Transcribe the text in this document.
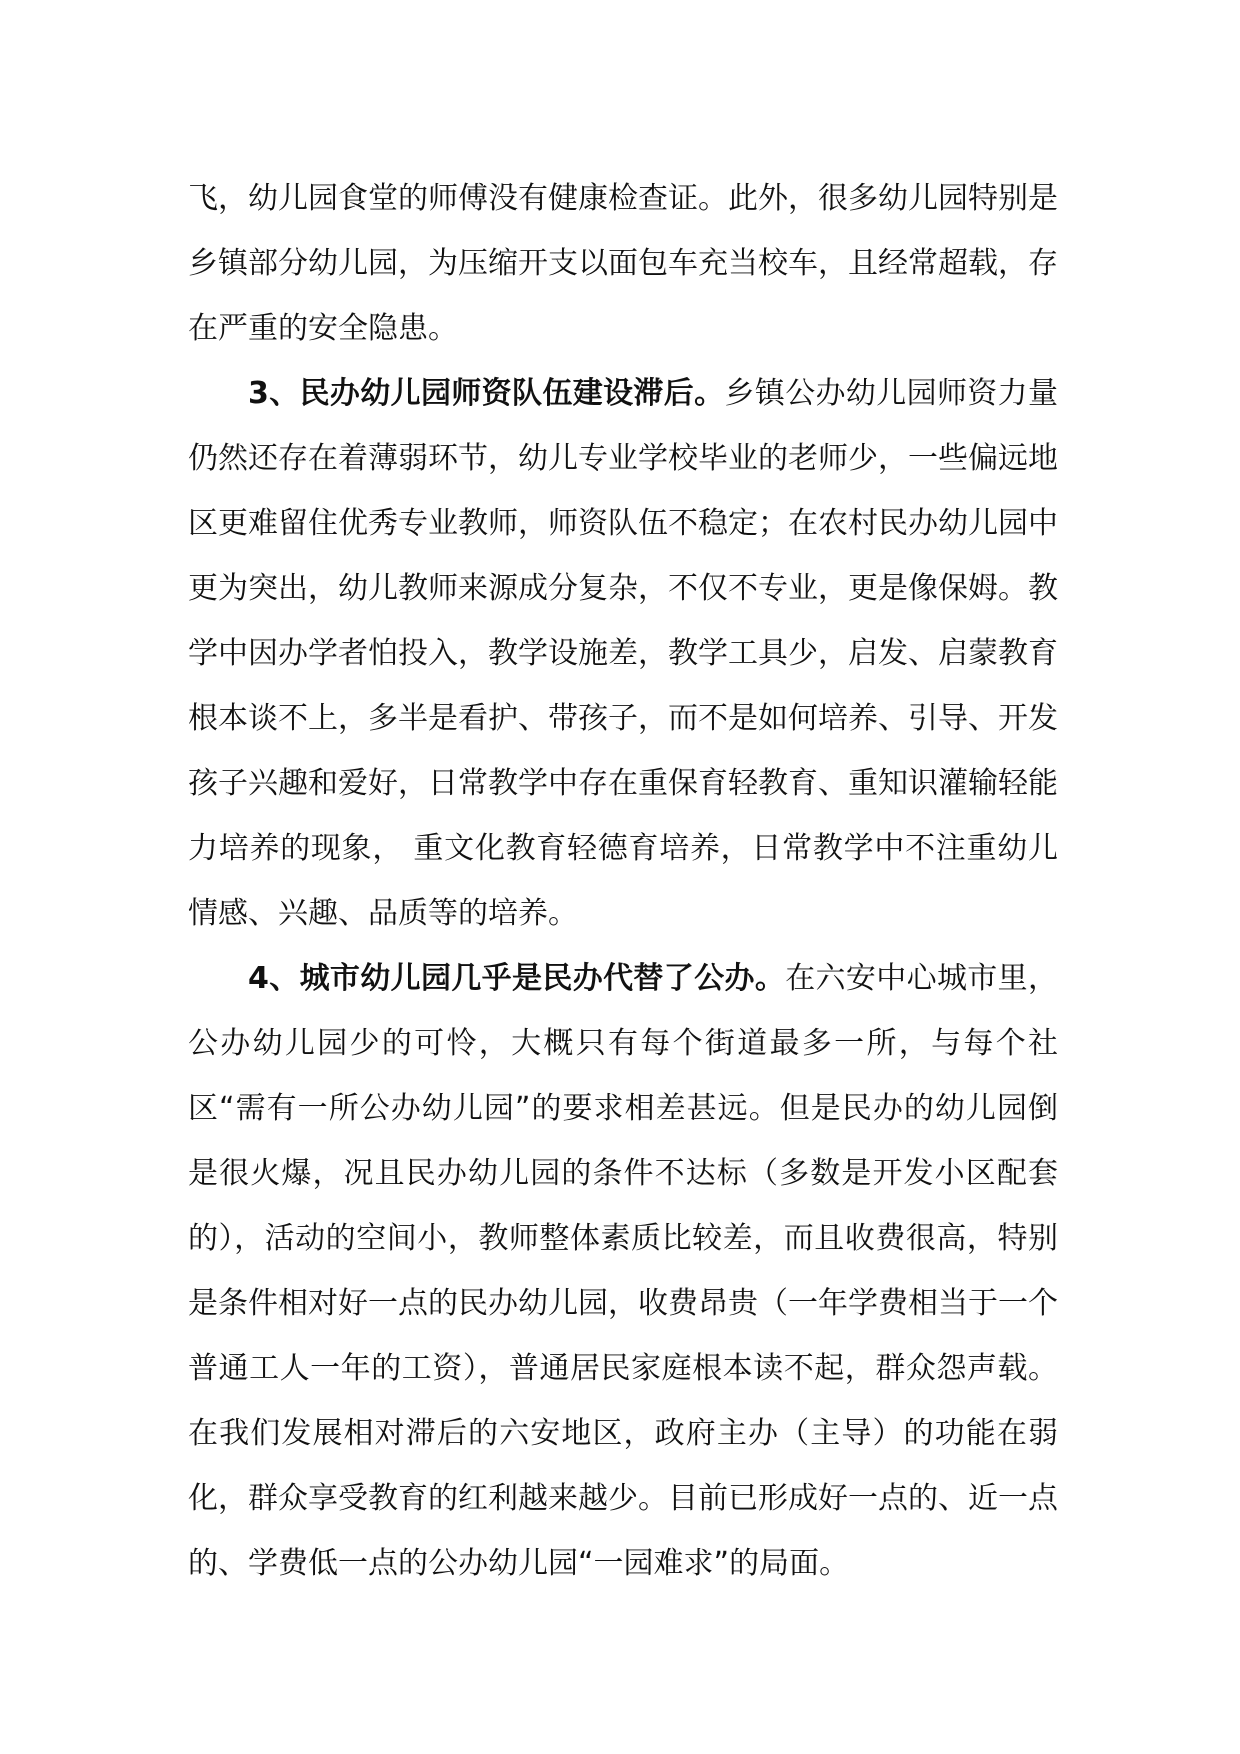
飞，幼儿园食堂的师傅没有健康检查证。此外，很多幼儿园特别是乡镇部分幼儿园，为压缩开支以面包车充当校车，且经常超载，存在严重的安全隐患。

3、民办幼儿园师资队伍建设滞后。乡镇公办幼儿园师资力量仍然还存在着薄弱环节，幼儿专业学校毕业的老师少，一些偏远地区更难留住优秀专业教师，师资队伍不稳定；在农村民办幼儿园中更为突出，幼儿教师来源成分复杂，不仅不专业，更是像保姆。教学中因办学者怕投入，教学设施差，教学工具少，启发、启蒙教育根本谈不上，多半是看护、带孩子，而不是如何培养、引导、开发孩子兴趣和爱好，日常教学中存在重保育轻教育、重知识灌输轻能力培养的现象， 重文化教育轻德育培养，日常教学中不注重幼儿情感、兴趣、品质等的培养。

4、城市幼儿园几乎是民办代替了公办。在六安中心城市里，公办幼儿园少的可怜，大概只有每个街道最多一所，与每个社区“需有一所公办幼儿园”的要求相差甚远。但是民办的幼儿园倒是很火爆，况且民办幼儿园的条件不达标（多数是开发小区配套的），活动的空间小，教师整体素质比较差，而且收费很高，特别是条件相对好一点的民办幼儿园，收费昂贵（一年学费相当于一个普通工人一年的工资），普通居民家庭根本读不起，群众怨声载。在我们发展相对滞后的六安地区，政府主办（主导）的功能在弱化，群众享受教育的红利越来越少。目前已形成好一点的、近一点的、学费低一点的公办幼儿园“一园难求”的局面。
